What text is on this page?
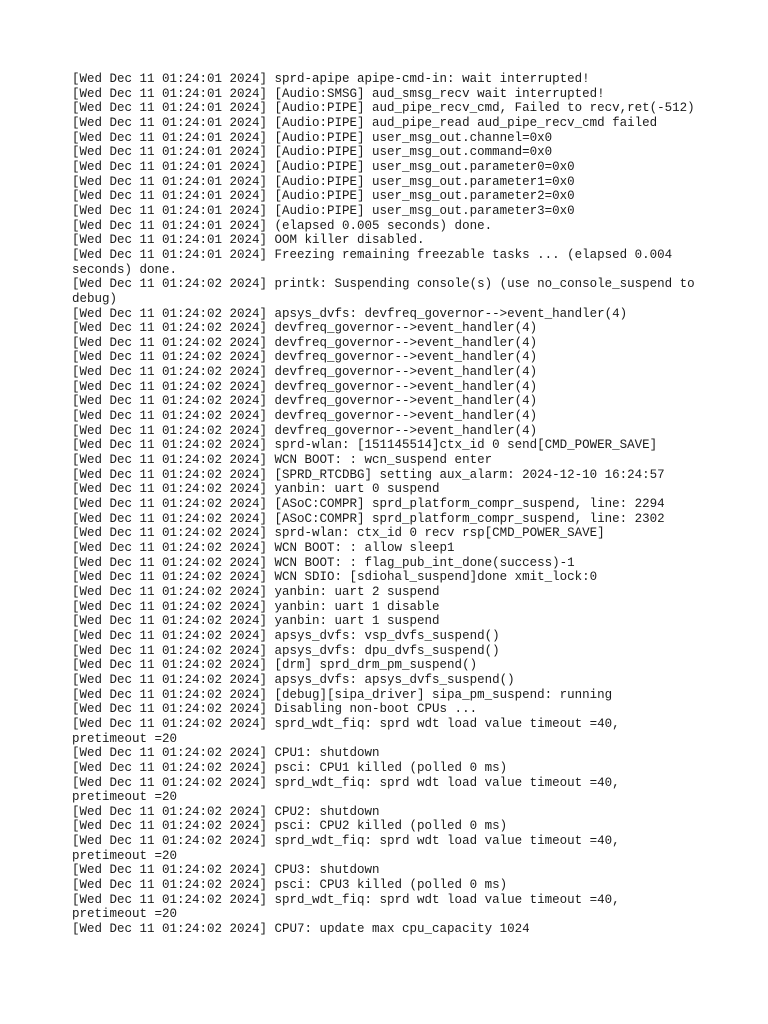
[Wed Dec 11 01:24:01 2024] sprd-apipe apipe-cmd-in: wait interrupted!
[Wed Dec 11 01:24:01 2024] [Audio:SMSG] aud_smsg_recv wait interrupted!
[Wed Dec 11 01:24:01 2024] [Audio:PIPE] aud_pipe_recv_cmd, Failed to recv,ret(-512)
[Wed Dec 11 01:24:01 2024] [Audio:PIPE] aud_pipe_read aud_pipe_recv_cmd failed
[Wed Dec 11 01:24:01 2024] [Audio:PIPE] user_msg_out.channel=0x0
[Wed Dec 11 01:24:01 2024] [Audio:PIPE] user_msg_out.command=0x0
[Wed Dec 11 01:24:01 2024] [Audio:PIPE] user_msg_out.parameter0=0x0
[Wed Dec 11 01:24:01 2024] [Audio:PIPE] user_msg_out.parameter1=0x0
[Wed Dec 11 01:24:01 2024] [Audio:PIPE] user_msg_out.parameter2=0x0
[Wed Dec 11 01:24:01 2024] [Audio:PIPE] user_msg_out.parameter3=0x0
[Wed Dec 11 01:24:01 2024] (elapsed 0.005 seconds) done.
[Wed Dec 11 01:24:01 2024] OOM killer disabled.
[Wed Dec 11 01:24:01 2024] Freezing remaining freezable tasks ... (elapsed 0.004
seconds) done.
[Wed Dec 11 01:24:02 2024] printk: Suspending console(s) (use no_console_suspend to
debug)
[Wed Dec 11 01:24:02 2024] apsys_dvfs: devfreq_governor-->event_handler(4)
[Wed Dec 11 01:24:02 2024] devfreq_governor-->event_handler(4)
[Wed Dec 11 01:24:02 2024] devfreq_governor-->event_handler(4)
[Wed Dec 11 01:24:02 2024] devfreq_governor-->event_handler(4)
[Wed Dec 11 01:24:02 2024] devfreq_governor-->event_handler(4)
[Wed Dec 11 01:24:02 2024] devfreq_governor-->event_handler(4)
[Wed Dec 11 01:24:02 2024] devfreq_governor-->event_handler(4)
[Wed Dec 11 01:24:02 2024] devfreq_governor-->event_handler(4)
[Wed Dec 11 01:24:02 2024] devfreq_governor-->event_handler(4)
[Wed Dec 11 01:24:02 2024] sprd-wlan: [151145514]ctx_id 0 send[CMD_POWER_SAVE]
[Wed Dec 11 01:24:02 2024] WCN BOOT: : wcn_suspend enter
[Wed Dec 11 01:24:02 2024] [SPRD_RTCDBG] setting aux_alarm: 2024-12-10 16:24:57
[Wed Dec 11 01:24:02 2024] yanbin: uart 0 suspend
[Wed Dec 11 01:24:02 2024] [ASoC:COMPR] sprd_platform_compr_suspend, line: 2294
[Wed Dec 11 01:24:02 2024] [ASoC:COMPR] sprd_platform_compr_suspend, line: 2302
[Wed Dec 11 01:24:02 2024] sprd-wlan: ctx_id 0 recv rsp[CMD_POWER_SAVE]
[Wed Dec 11 01:24:02 2024] WCN BOOT: : allow sleep1
[Wed Dec 11 01:24:02 2024] WCN BOOT: : flag_pub_int_done(success)-1
[Wed Dec 11 01:24:02 2024] WCN SDIO: [sdiohal_suspend]done xmit_lock:0
[Wed Dec 11 01:24:02 2024] yanbin: uart 2 suspend
[Wed Dec 11 01:24:02 2024] yanbin: uart 1 disable
[Wed Dec 11 01:24:02 2024] yanbin: uart 1 suspend
[Wed Dec 11 01:24:02 2024] apsys_dvfs: vsp_dvfs_suspend()
[Wed Dec 11 01:24:02 2024] apsys_dvfs: dpu_dvfs_suspend()
[Wed Dec 11 01:24:02 2024] [drm] sprd_drm_pm_suspend()
[Wed Dec 11 01:24:02 2024] apsys_dvfs: apsys_dvfs_suspend()
[Wed Dec 11 01:24:02 2024] [debug][sipa_driver] sipa_pm_suspend: running
[Wed Dec 11 01:24:02 2024] Disabling non-boot CPUs ...
[Wed Dec 11 01:24:02 2024] sprd_wdt_fiq: sprd wdt load value timeout =40,
pretimeout =20
[Wed Dec 11 01:24:02 2024] CPU1: shutdown
[Wed Dec 11 01:24:02 2024] psci: CPU1 killed (polled 0 ms)
[Wed Dec 11 01:24:02 2024] sprd_wdt_fiq: sprd wdt load value timeout =40,
pretimeout =20
[Wed Dec 11 01:24:02 2024] CPU2: shutdown
[Wed Dec 11 01:24:02 2024] psci: CPU2 killed (polled 0 ms)
[Wed Dec 11 01:24:02 2024] sprd_wdt_fiq: sprd wdt load value timeout =40,
pretimeout =20
[Wed Dec 11 01:24:02 2024] CPU3: shutdown
[Wed Dec 11 01:24:02 2024] psci: CPU3 killed (polled 0 ms)
[Wed Dec 11 01:24:02 2024] sprd_wdt_fiq: sprd wdt load value timeout =40,
pretimeout =20
[Wed Dec 11 01:24:02 2024] CPU7: update max cpu_capacity 1024
